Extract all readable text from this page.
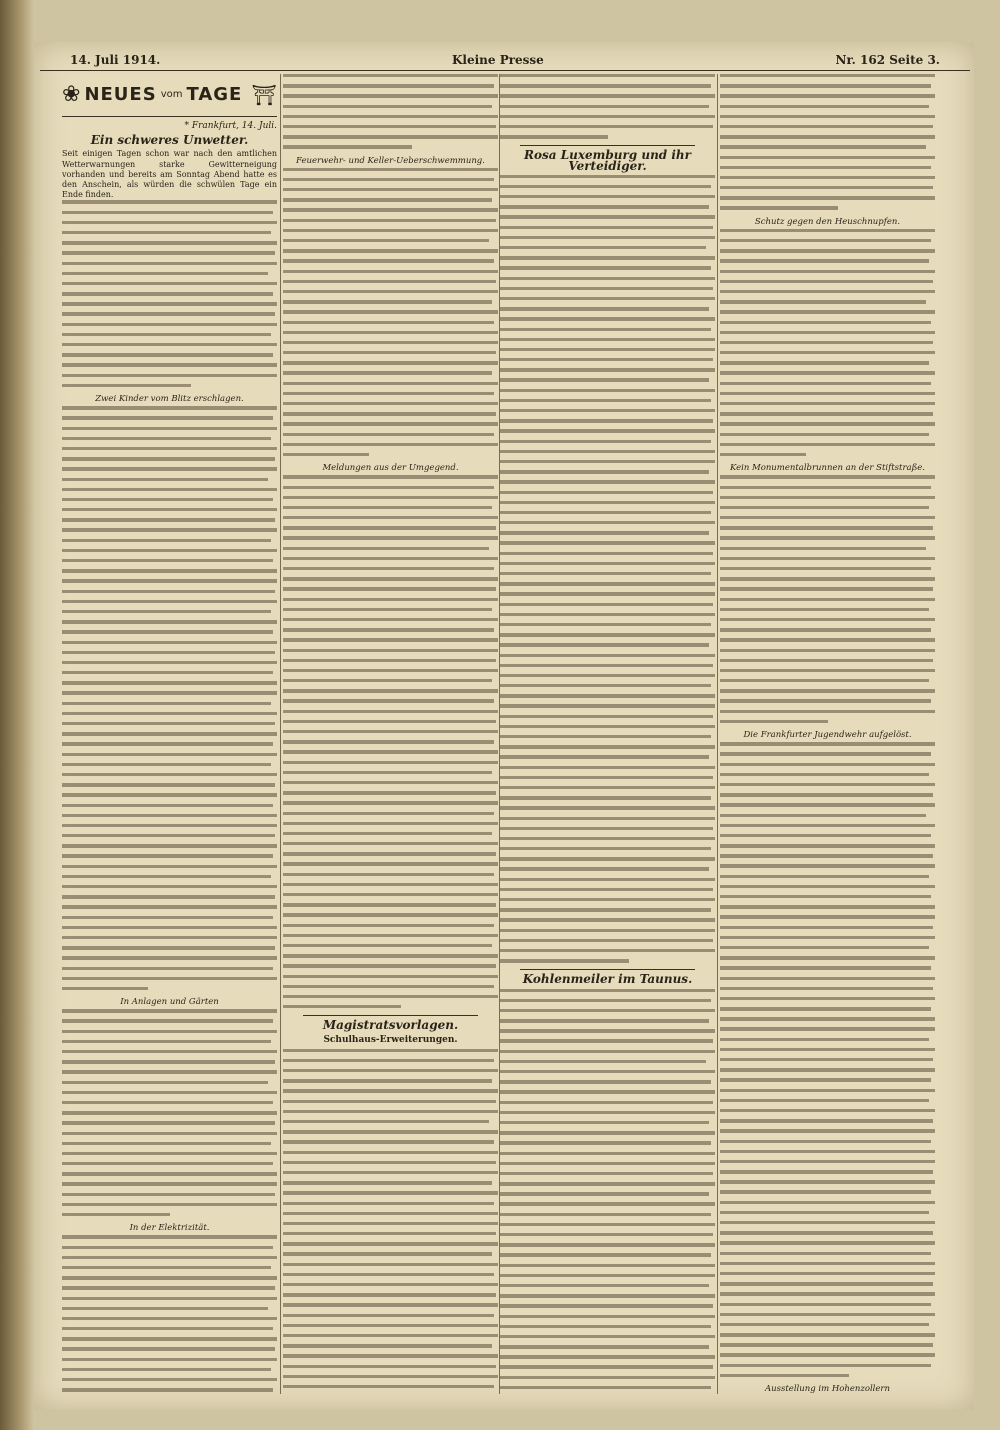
14. Juli 1914.	Kleine Presse	Nr. 162 Seite 3.
❀ NEUES vom TAGE ⛩
* Frankfurt, 14. Juli.
Ein schweres Unwetter.
Seit einigen Tagen schon war nach den amtlichen Wetterwarnungen starke Gewitterneigung vorhanden und bereits am Sonntag Abend hatte es den Anschein, als würden die schwülen Tage ein Ende finden.
Zwei Kinder vom Blitz erschlagen.
In Anlagen und Gärten
In der Elektrizität.
Feuerwehr- und Keller-Ueberschwemmung.
Meldungen aus der Umgegend.
Magistratsvorlagen.
Schulhaus-Erweiterungen.
Rosa Luxemburg und ihr Verteidiger.
Kohlenmeiler im Taunus.
Schutz gegen den Heuschnupfen.
Kein Monumentalbrunnen an der Stiftstraße.
Die Frankfurter Jugendwehr aufgelöst.
Ausstellung im Hohenzollern
